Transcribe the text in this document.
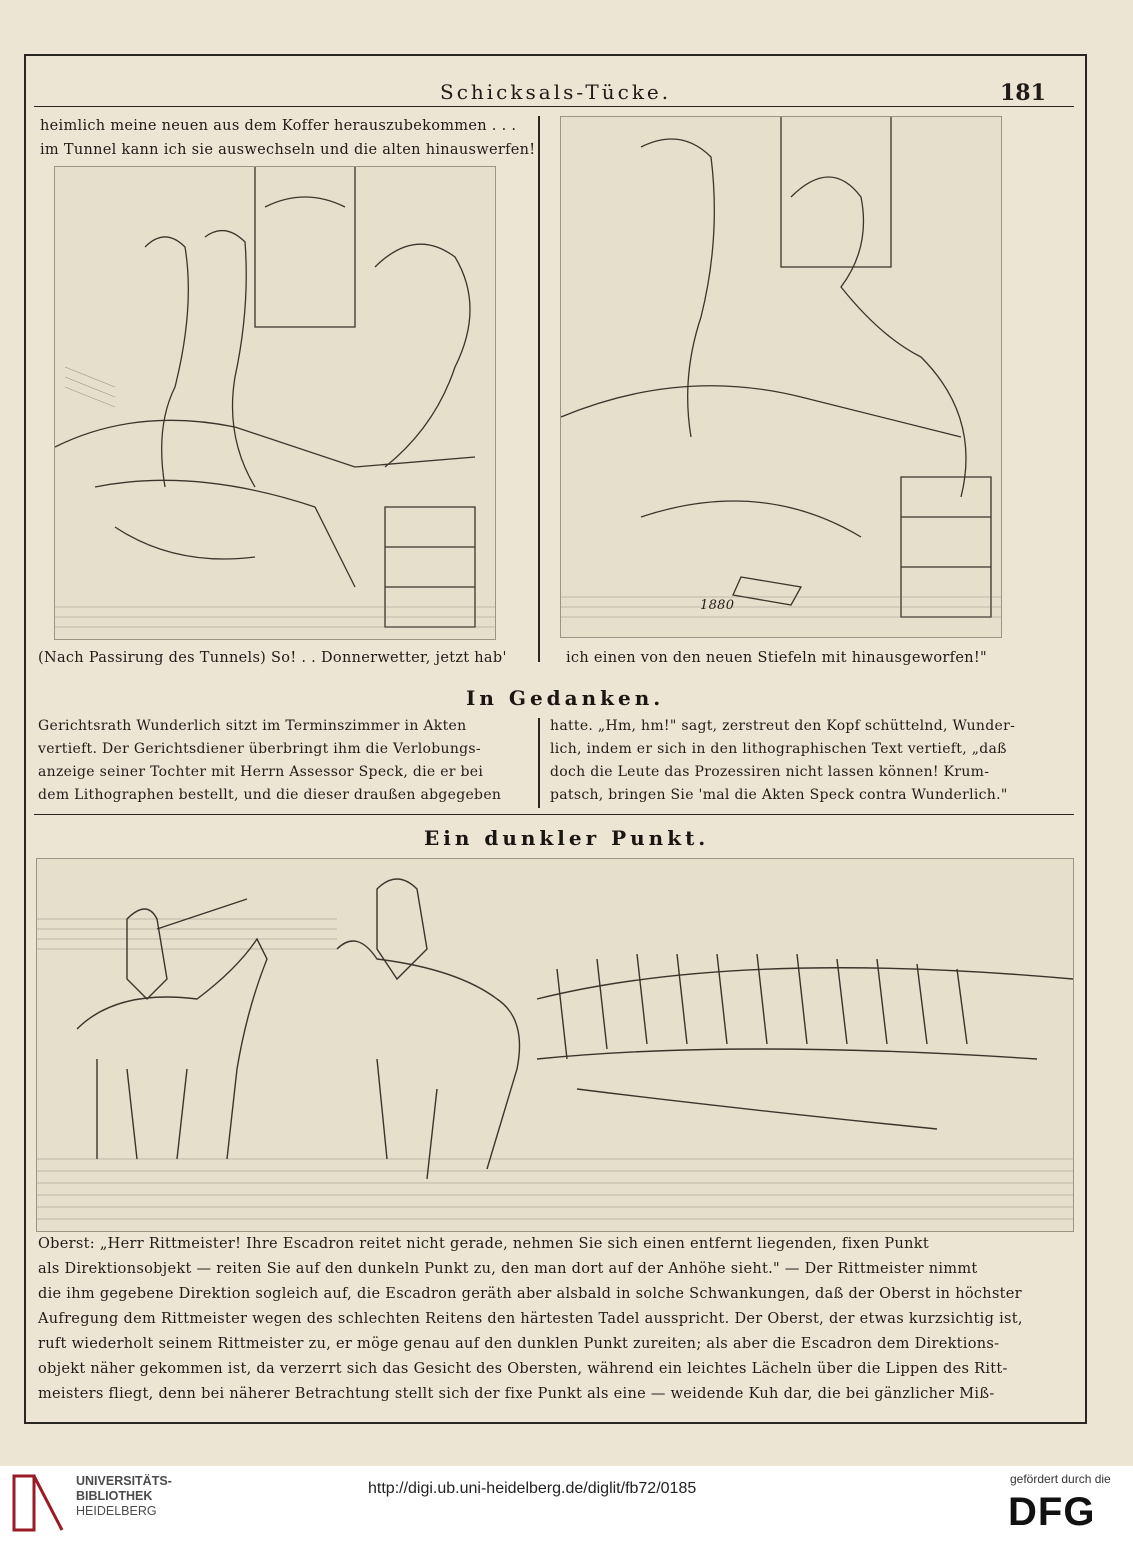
Schicksals-Tücke.	181
heimlich meine neuen aus dem Koffer herauszubekommen . . .
im Tunnel kann ich sie auswechseln und die alten hinauswerfen!
1880
(Nach Passirung des Tunnels) So! . . Donnerwetter, jetzt hab'	ich einen von den neuen Stiefeln mit hinausgeworfen!"
In Gedanken.
Gerichtsrath Wunderlich sitzt im Terminszimmer in Akten
vertieft. Der Gerichtsdiener überbringt ihm die Verlobungs-
anzeige seiner Tochter mit Herrn Assessor Speck, die er bei
dem Lithographen bestellt, und die dieser draußen abgegeben
hatte. „Hm, hm!" sagt, zerstreut den Kopf schüttelnd, Wunder-
lich, indem er sich in den lithographischen Text vertieft, „daß
doch die Leute das Prozessiren nicht lassen können! Krum-
patsch, bringen Sie 'mal die Akten Speck contra Wunderlich."
Ein dunkler Punkt.
Oberst: „Herr Rittmeister! Ihre Escadron reitet nicht gerade, nehmen Sie sich einen entfernt liegenden, fixen Punkt
als Direktionsobjekt — reiten Sie auf den dunkeln Punkt zu, den man dort auf der Anhöhe sieht." — Der Rittmeister nimmt
die ihm gegebene Direktion sogleich auf, die Escadron geräth aber alsbald in solche Schwankungen, daß der Oberst in höchster
Aufregung dem Rittmeister wegen des schlechten Reitens den härtesten Tadel ausspricht. Der Oberst, der etwas kurzsichtig ist,
ruft wiederholt seinem Rittmeister zu, er möge genau auf den dunklen Punkt zureiten; als aber die Escadron dem Direktions-
objekt näher gekommen ist, da verzerrt sich das Gesicht des Obersten, während ein leichtes Lächeln über die Lippen des Ritt-
meisters fliegt, denn bei näherer Betrachtung stellt sich der fixe Punkt als eine — weidende Kuh dar, die bei gänzlicher Miß-
UNIVERSITÄTS-
BIBLIOTHEK
HEIDELBERG
http://digi.ub.uni-heidelberg.de/diglit/fb72/0185
gefördert durch die
DFG
